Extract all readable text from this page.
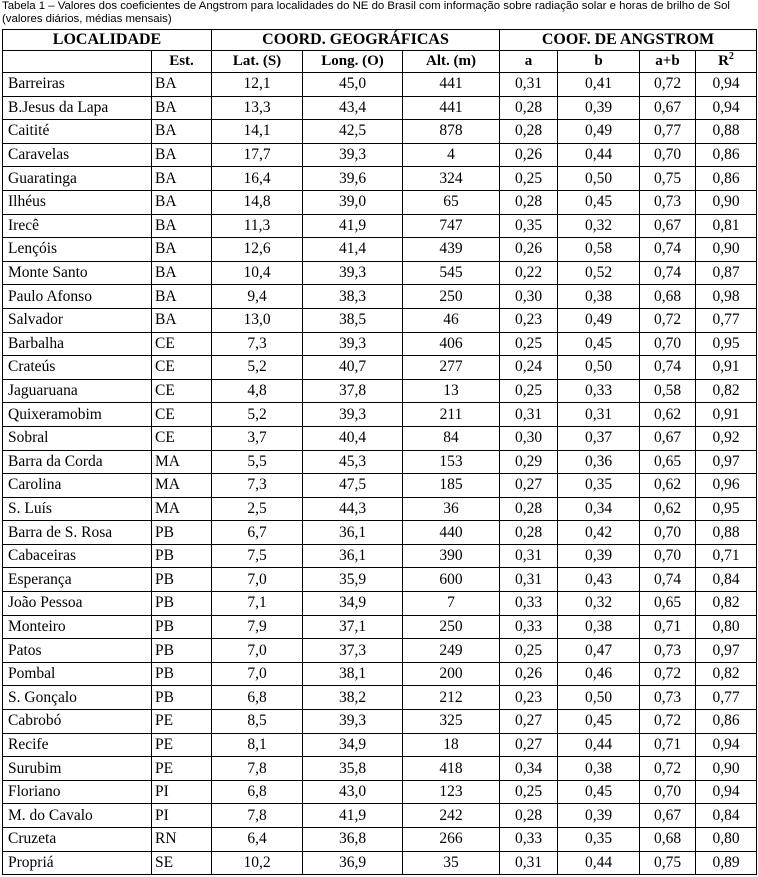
Tabela 1 – Valores dos coeficientes de Angstrom para localidades do NE do Brasil com informação sobre radiação solar e horas de brilho de Sol (valores diários, médias mensais)
LOCALIDADE		COORD. GEOGRÁFICAS			COOF. DE ANGSTROM			
	Est.	Lat. (S)	Long. (O)	Alt. (m)	a	b	a+b	$R^2$
Barreiras	BA	12,1	45,0	441	0,31	0,41	0,72	0,94
B.Jesus da Lapa	BA	13,3	43,4	441	0,28	0,39	0,67	0,94
Caitité	BA	14,1	42,5	878	0,28	0,49	0,77	0,88
Caravelas	BA	17,7	39,3	4	0,26	0,44	0,70	0,86
Guaratinga	BA	16,4	39,6	324	0,25	0,50	0,75	0,86
Ilhéus	BA	14,8	39,0	65	0,28	0,45	0,73	0,90
Irecê	BA	11,3	41,9	747	0,35	0,32	0,67	0,81
Lençóis	BA	12,6	41,4	439	0,26	0,58	0,74	0,90
Monte Santo	BA	10,4	39,3	545	0,22	0,52	0,74	0,87
Paulo Afonso	BA	9,4	38,3	250	0,30	0,38	0,68	0,98
Salvador	BA	13,0	38,5	46	0,23	0,49	0,72	0,77
Barbalha	CE	7,3	39,3	406	0,25	0,45	0,70	0,95
Crateús	CE	5,2	40,7	277	0,24	0,50	0,74	0,91
Jaguaruana	CE	4,8	37,8	13	0,25	0,33	0,58	0,82
Quixeramobim	CE	5,2	39,3	211	0,31	0,31	0,62	0,91
Sobral	CE	3,7	40,4	84	0,30	0,37	0,67	0,92
Barra da Corda	MA	5,5	45,3	153	0,29	0,36	0,65	0,97
Carolina	MA	7,3	47,5	185	0,27	0,35	0,62	0,96
S. Luís	MA	2,5	44,3	36	0,28	0,34	0,62	0,95
Barra de S. Rosa	PB	6,7	36,1	440	0,28	0,42	0,70	0,88
Cabaceiras	PB	7,5	36,1	390	0,31	0,39	0,70	0,71
Esperança	PB	7,0	35,9	600	0,31	0,43	0,74	0,84
João Pessoa	PB	7,1	34,9	7	0,33	0,32	0,65	0,82
Monteiro	PB	7,9	37,1	250	0,33	0,38	0,71	0,80
Patos	PB	7,0	37,3	249	0,25	0,47	0,73	0,97
Pombal	PB	7,0	38,1	200	0,26	0,46	0,72	0,82
S. Gonçalo	PB	6,8	38,2	212	0,23	0,50	0,73	0,77
Cabrobó	PE	8,5	39,3	325	0,27	0,45	0,72	0,86
Recife	PE	8,1	34,9	18	0,27	0,44	0,71	0,94
Surubim	PE	7,8	35,8	418	0,34	0,38	0,72	0,90
Floriano	PI	6,8	43,0	123	0,25	0,45	0,70	0,94
M. do Cavalo	PI	7,8	41,9	242	0,28	0,39	0,67	0,84
Cruzeta	RN	6,4	36,8	266	0,33	0,35	0,68	0,80
Propriá	SE	10,2	36,9	35	0,31	0,44	0,75	0,89
